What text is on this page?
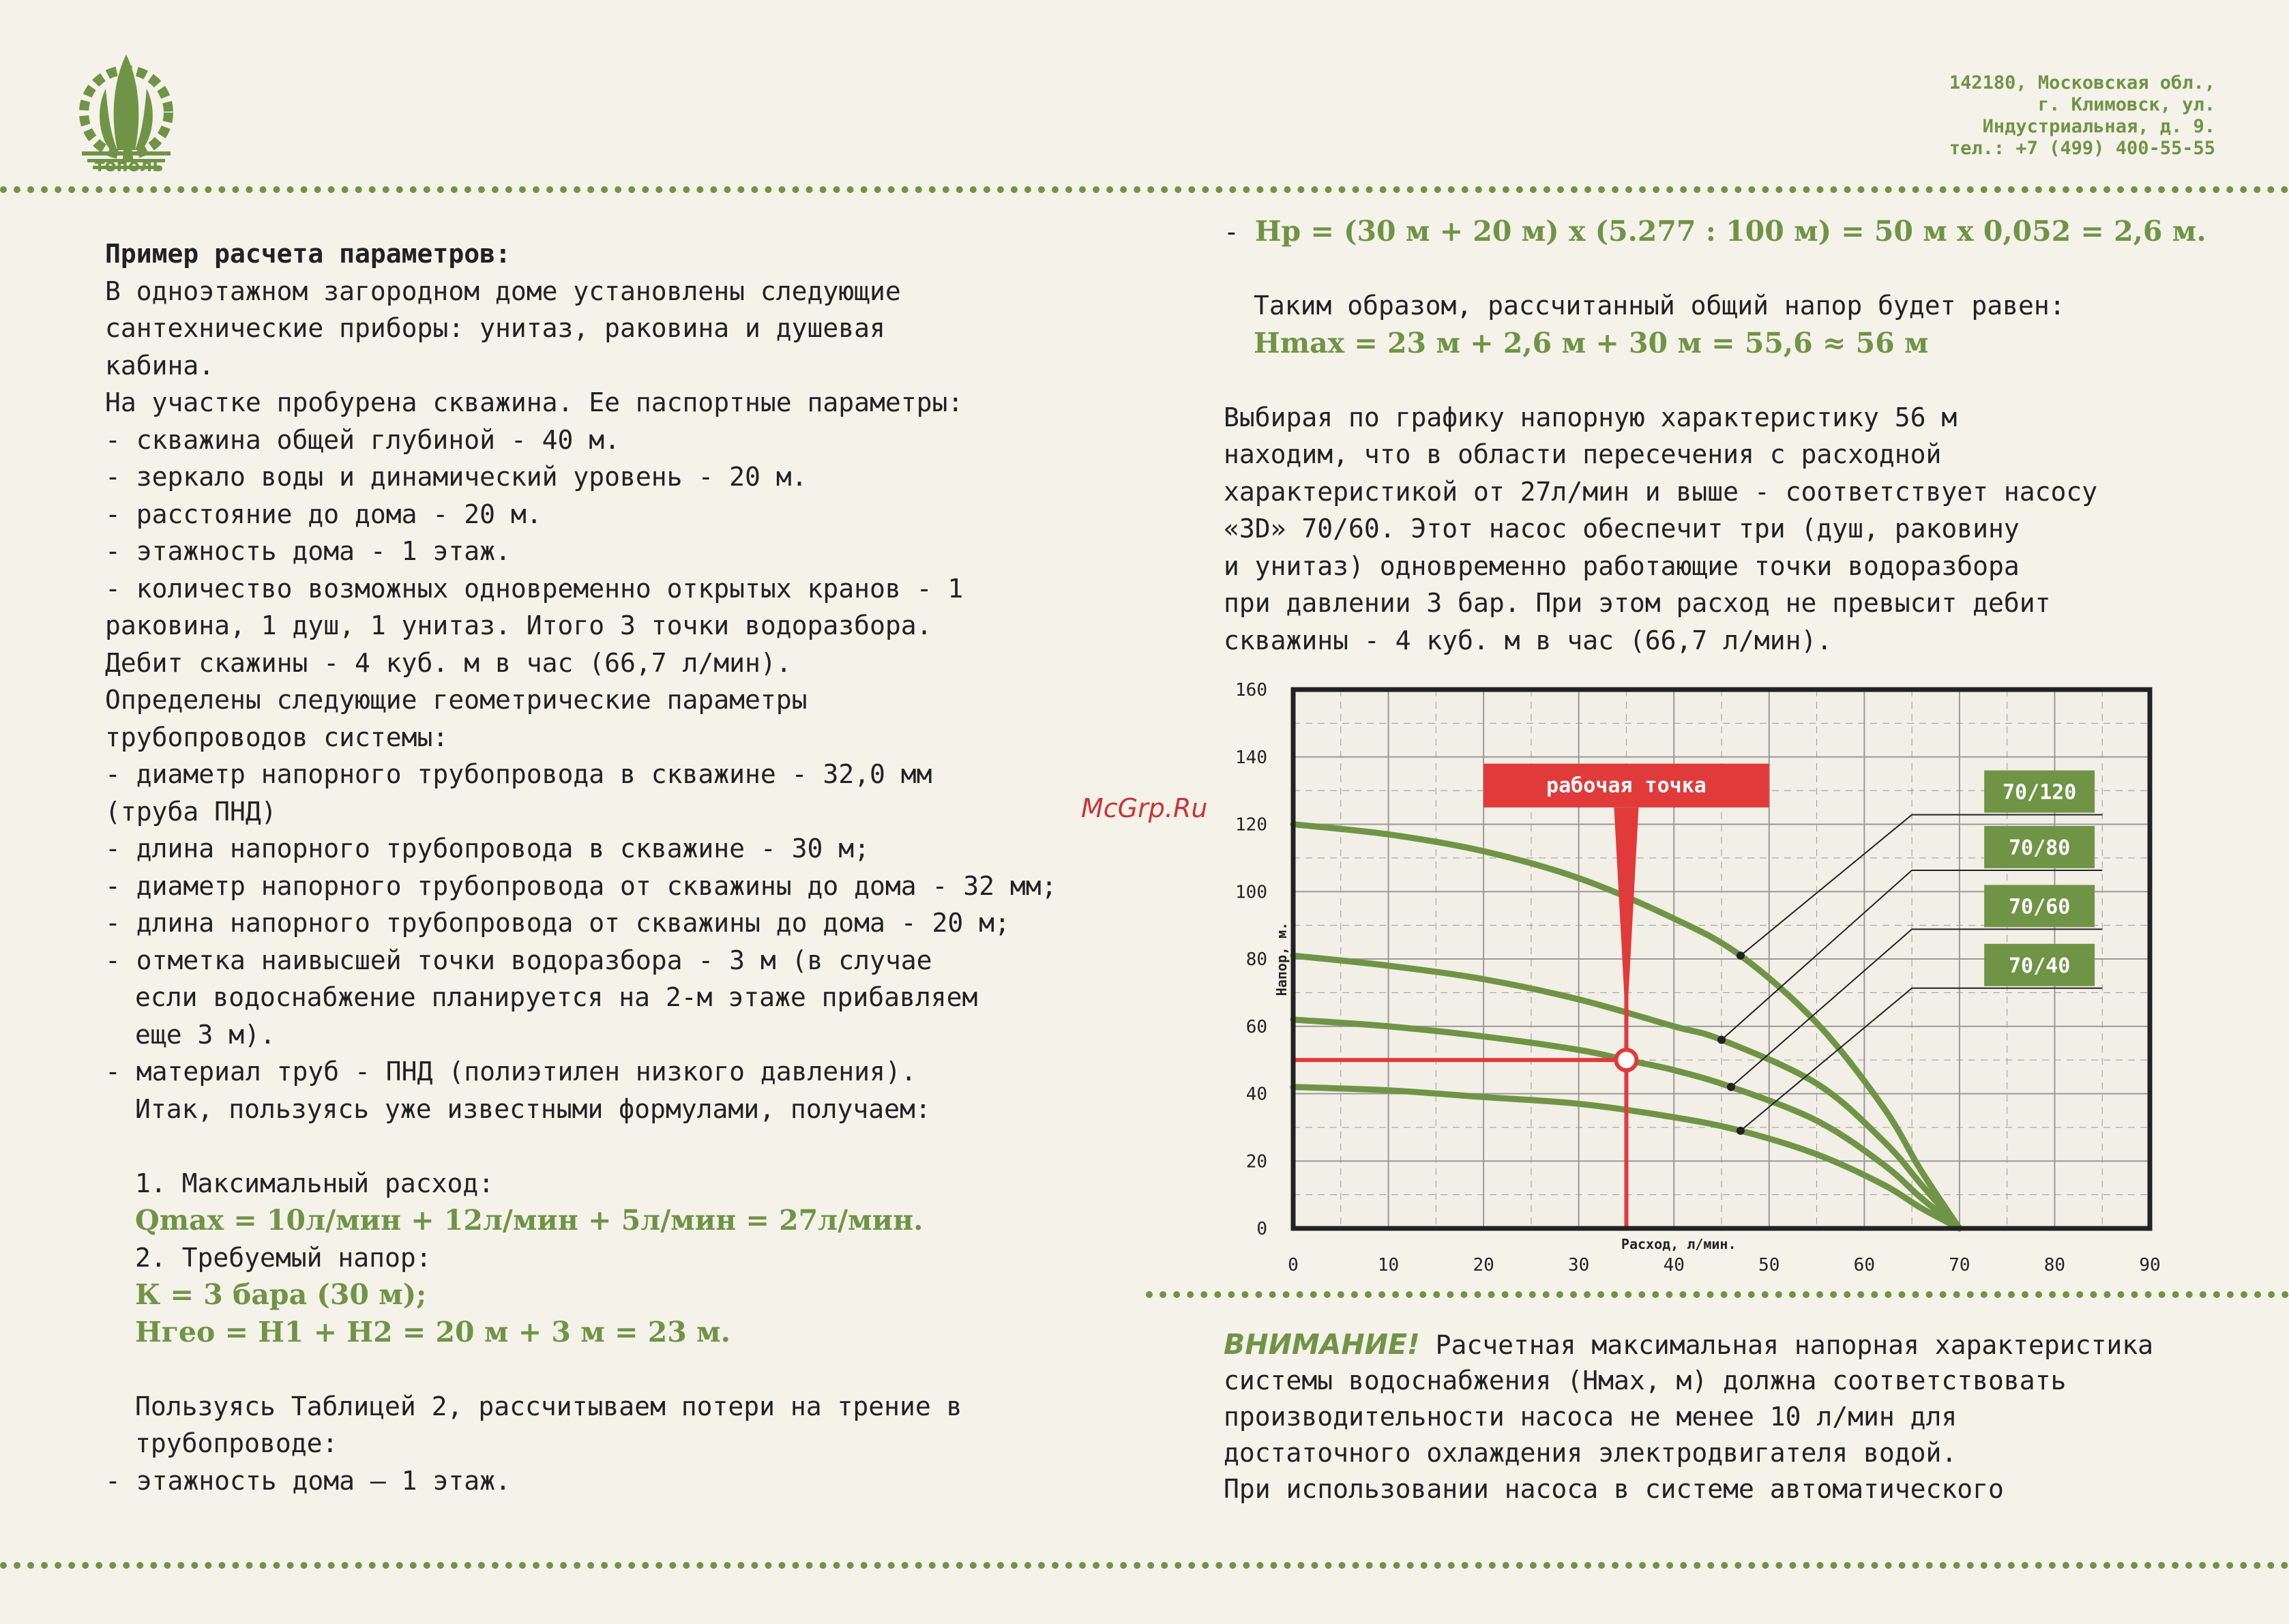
тополь
142180, Московская обл.,
г. Климовск, ул.
Индустриальная, д. 9.
тел.: +7 (499) 400-55-55
Пример расчета параметров:
В одноэтажном загородном доме установлены следующие
сантехнические приборы: унитаз, раковина и душевая
кабина.
На участке пробурена скважина. Ее паспортные параметры:
- скважина общей глубиной - 40 м.
- зеркало воды и динамический уровень - 20 м.
- расстояние до дома - 20 м.
- этажность дома - 1 этаж.
- количество возможных одновременно открытых кранов - 1
раковина, 1 душ, 1 унитаз. Итого 3 точки водоразбора.
Дебит скажины - 4 куб. м в час (66,7 л/мин).
Определены следующие геометрические параметры
трубопроводов системы:
- диаметр напорного трубопровода в скважине - 32,0 мм
(труба ПНД)
- длина напорного трубопровода в скважине - 30 м;
- диаметр напорного трубопровода от скважины до дома - 32 мм;
- длина напорного трубопровода от скважины до дома - 20 м;
- отметка наивысшей точки водоразбора - 3 м (в случае
если водоснабжение планируется на 2-м этаже прибавляем
еще 3 м).
- материал труб - ПНД (полиэтилен низкого давления).
Итак, пользуясь уже известными формулами, получаем:
1. Максимальный расход:
Qmax = 10л/мин + 12л/мин + 5л/мин = 27л/мин.
2. Требуемый напор:
К = 3 бара (30 м);
Hгео = H1 + H2 = 20 м + 3 м = 23 м.
Пользуясь Таблицей 2, рассчитываем потери на трение в
трубопроводе:
- этажность дома — 1 этаж.
McGrp.Ru
- Hр = (30 м + 20 м) х (5.277 : 100 м) = 50 м х 0,052 = 2,6 м.
Таким образом, рассчитанный общий напор будет равен:
Hmax = 23 м + 2,6 м + 30 м = 55,6 ≈ 56 м
Выбирая по графику напорную характеристику 56 м
находим, что в области пересечения с расходной
характеристикой от 27л/мин и выше - соответствует насосу
«3D» 70/60. Этот насос обеспечит три (душ, раковину
и унитаз) одновременно работающие точки водоразбора
при давлении 3 бар. При этом расход не превысит дебит
скважины - 4 куб. м в час (66,7 л/мин).
0	10	20	30	40	50	60	70	80	90
0
20
40
60
80
100
120
140
160
Расход, л/мин.
Напор, м.
70/120
70/80
70/60
70/40
рабочая точка
ВНИМАНИЕ! Расчетная максимальная напорная характеристика
системы водоснабжения (Нмах, м) должна соответствовать
производительности насоса не менее 10 л/мин для
достаточного охлаждения электродвигателя водой.
При использовании насоса в системе автоматического
